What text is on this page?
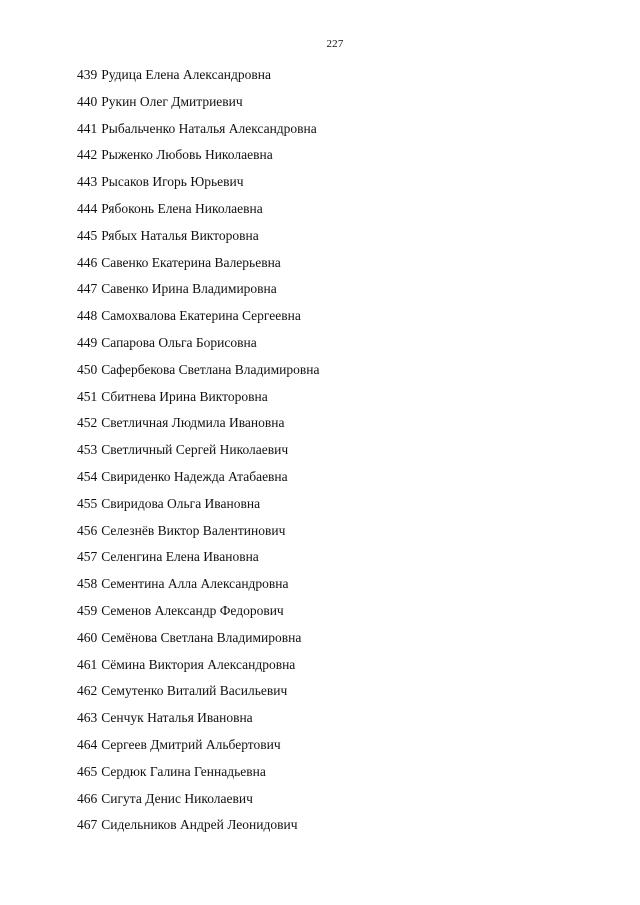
227
439 Рудица Елена Александровна
440 Рукин Олег Дмитриевич
441 Рыбальченко Наталья Александровна
442 Рыженко Любовь Николаевна
443 Рысаков Игорь Юрьевич
444 Рябоконь Елена Николаевна
445 Рябых Наталья Викторовна
446 Савенко Екатерина Валерьевна
447 Савенко Ирина Владимировна
448 Самохвалова Екатерина Сергеевна
449 Сапарова Ольга Борисовна
450 Сафербекова Светлана Владимировна
451 Сбитнева Ирина Викторовна
452 Светличная Людмила Ивановна
453 Светличный Сергей Николаевич
454 Свириденко Надежда Атабаевна
455 Свиридова Ольга Ивановна
456 Селезнёв Виктор Валентинович
457 Селенгина Елена Ивановна
458 Сементина Алла Александровна
459 Семенов Александр Федорович
460 Семёнова Светлана Владимировна
461 Сёмина Виктория Александровна
462 Семутенко Виталий Васильевич
463 Сенчук Наталья Ивановна
464 Сергеев Дмитрий Альбертович
465 Сердюк Галина Геннадьевна
466 Сигута Денис Николаевич
467 Сидельников Андрей Леонидович
